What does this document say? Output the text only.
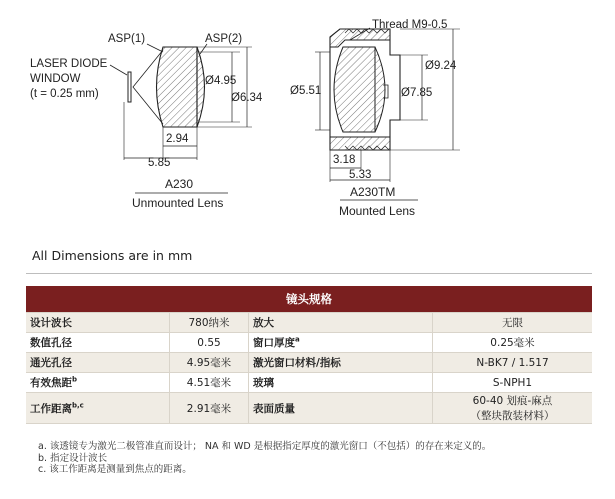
ASP(1)	ASP(2)
LASER DIODE
WINDOW
(t = 0.25 mm)
Ø4.95
Ø6.34
2.94
5.85
A230
Unmounted Lens
Thread M9-0.5
Ø5.51
Ø9.24
Ø7.85
3.18
5.33
A230TM
Mounted Lens
All Dimensions are in mm
镜头规格			
设计波长	780纳米	放大	无限
数值孔径	0.55	窗口厚度$^a$	0.25毫米
通光孔径	4.95毫米	激光窗口材料/指标	N-BK7 / 1.517
有效焦距$^b$	4.51毫米	玻璃	S-NPH1
工作距离$^{b,c}$	2.91毫米	表面质量	60-40 划痕-麻点
（整块散装材料）
a. 该透镜专为激光二极管准直而设计； NA 和 WD 是根据指定厚度的激光窗口（不包括）的存在来定义的。
b. 指定设计波长
c. 该工作距离是测量到焦点的距离。
